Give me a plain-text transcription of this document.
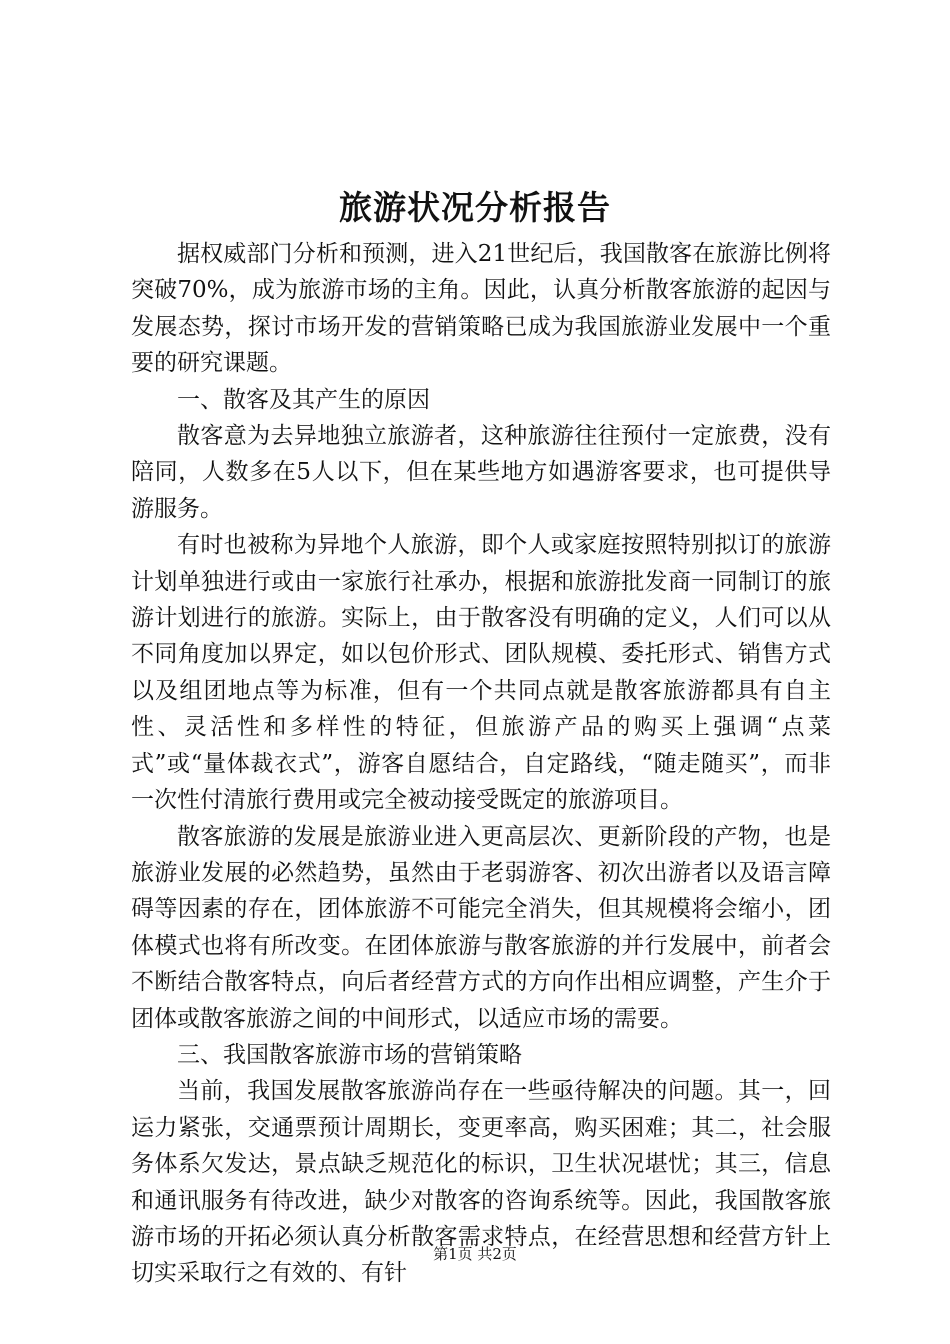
旅游状况分析报告

据权威部门分析和预测，进入21世纪后，我国散客在旅游比例将突破70%，成为旅游市场的主角。因此，认真分析散客旅游的起因与发展态势，探讨市场开发的营销策略已成为我国旅游业发展中一个重要的研究课题。

一、散客及其产生的原因

散客意为去异地独立旅游者，这种旅游往往预付一定旅费，没有陪同，人数多在5人以下，但在某些地方如遇游客要求，也可提供导游服务。

有时也被称为异地个人旅游，即个人或家庭按照特别拟订的旅游计划单独进行或由一家旅行社承办，根据和旅游批发商一同制订的旅游计划进行的旅游。实际上，由于散客没有明确的定义，人们可以从不同角度加以界定，如以包价形式、团队规模、委托形式、销售方式以及组团地点等为标准，但有一个共同点就是散客旅游都具有自主性、灵活性和多样性的特征，但旅游产品的购买上强调“点菜式”或“量体裁衣式”，游客自愿结合，自定路线，“随走随买”，而非一次性付清旅行费用或完全被动接受既定的旅游项目。

散客旅游的发展是旅游业进入更高层次、更新阶段的产物，也是旅游业发展的必然趋势，虽然由于老弱游客、初次出游者以及语言障碍等因素的存在，团体旅游不可能完全消失，但其规模将会缩小，团体模式也将有所改变。在团体旅游与散客旅游的并行发展中，前者会不断结合散客特点，向后者经营方式的方向作出相应调整，产生介于团体或散客旅游之间的中间形式，以适应市场的需要。

三、我国散客旅游市场的营销策略

当前，我国发展散客旅游尚存在一些亟待解决的问题。其一，回运力紧张，交通票预计周期长，变更率高，购买困难；其二，社会服务体系欠发达，景点缺乏规范化的标识，卫生状况堪忧；其三，信息和通讯服务有待改进，缺少对散客的咨询系统等。因此，我国散客旅游市场的开拓必须认真分析散客需求特点，在经营思想和经营方针上切实采取行之有效的、有针

第1页 共2页
